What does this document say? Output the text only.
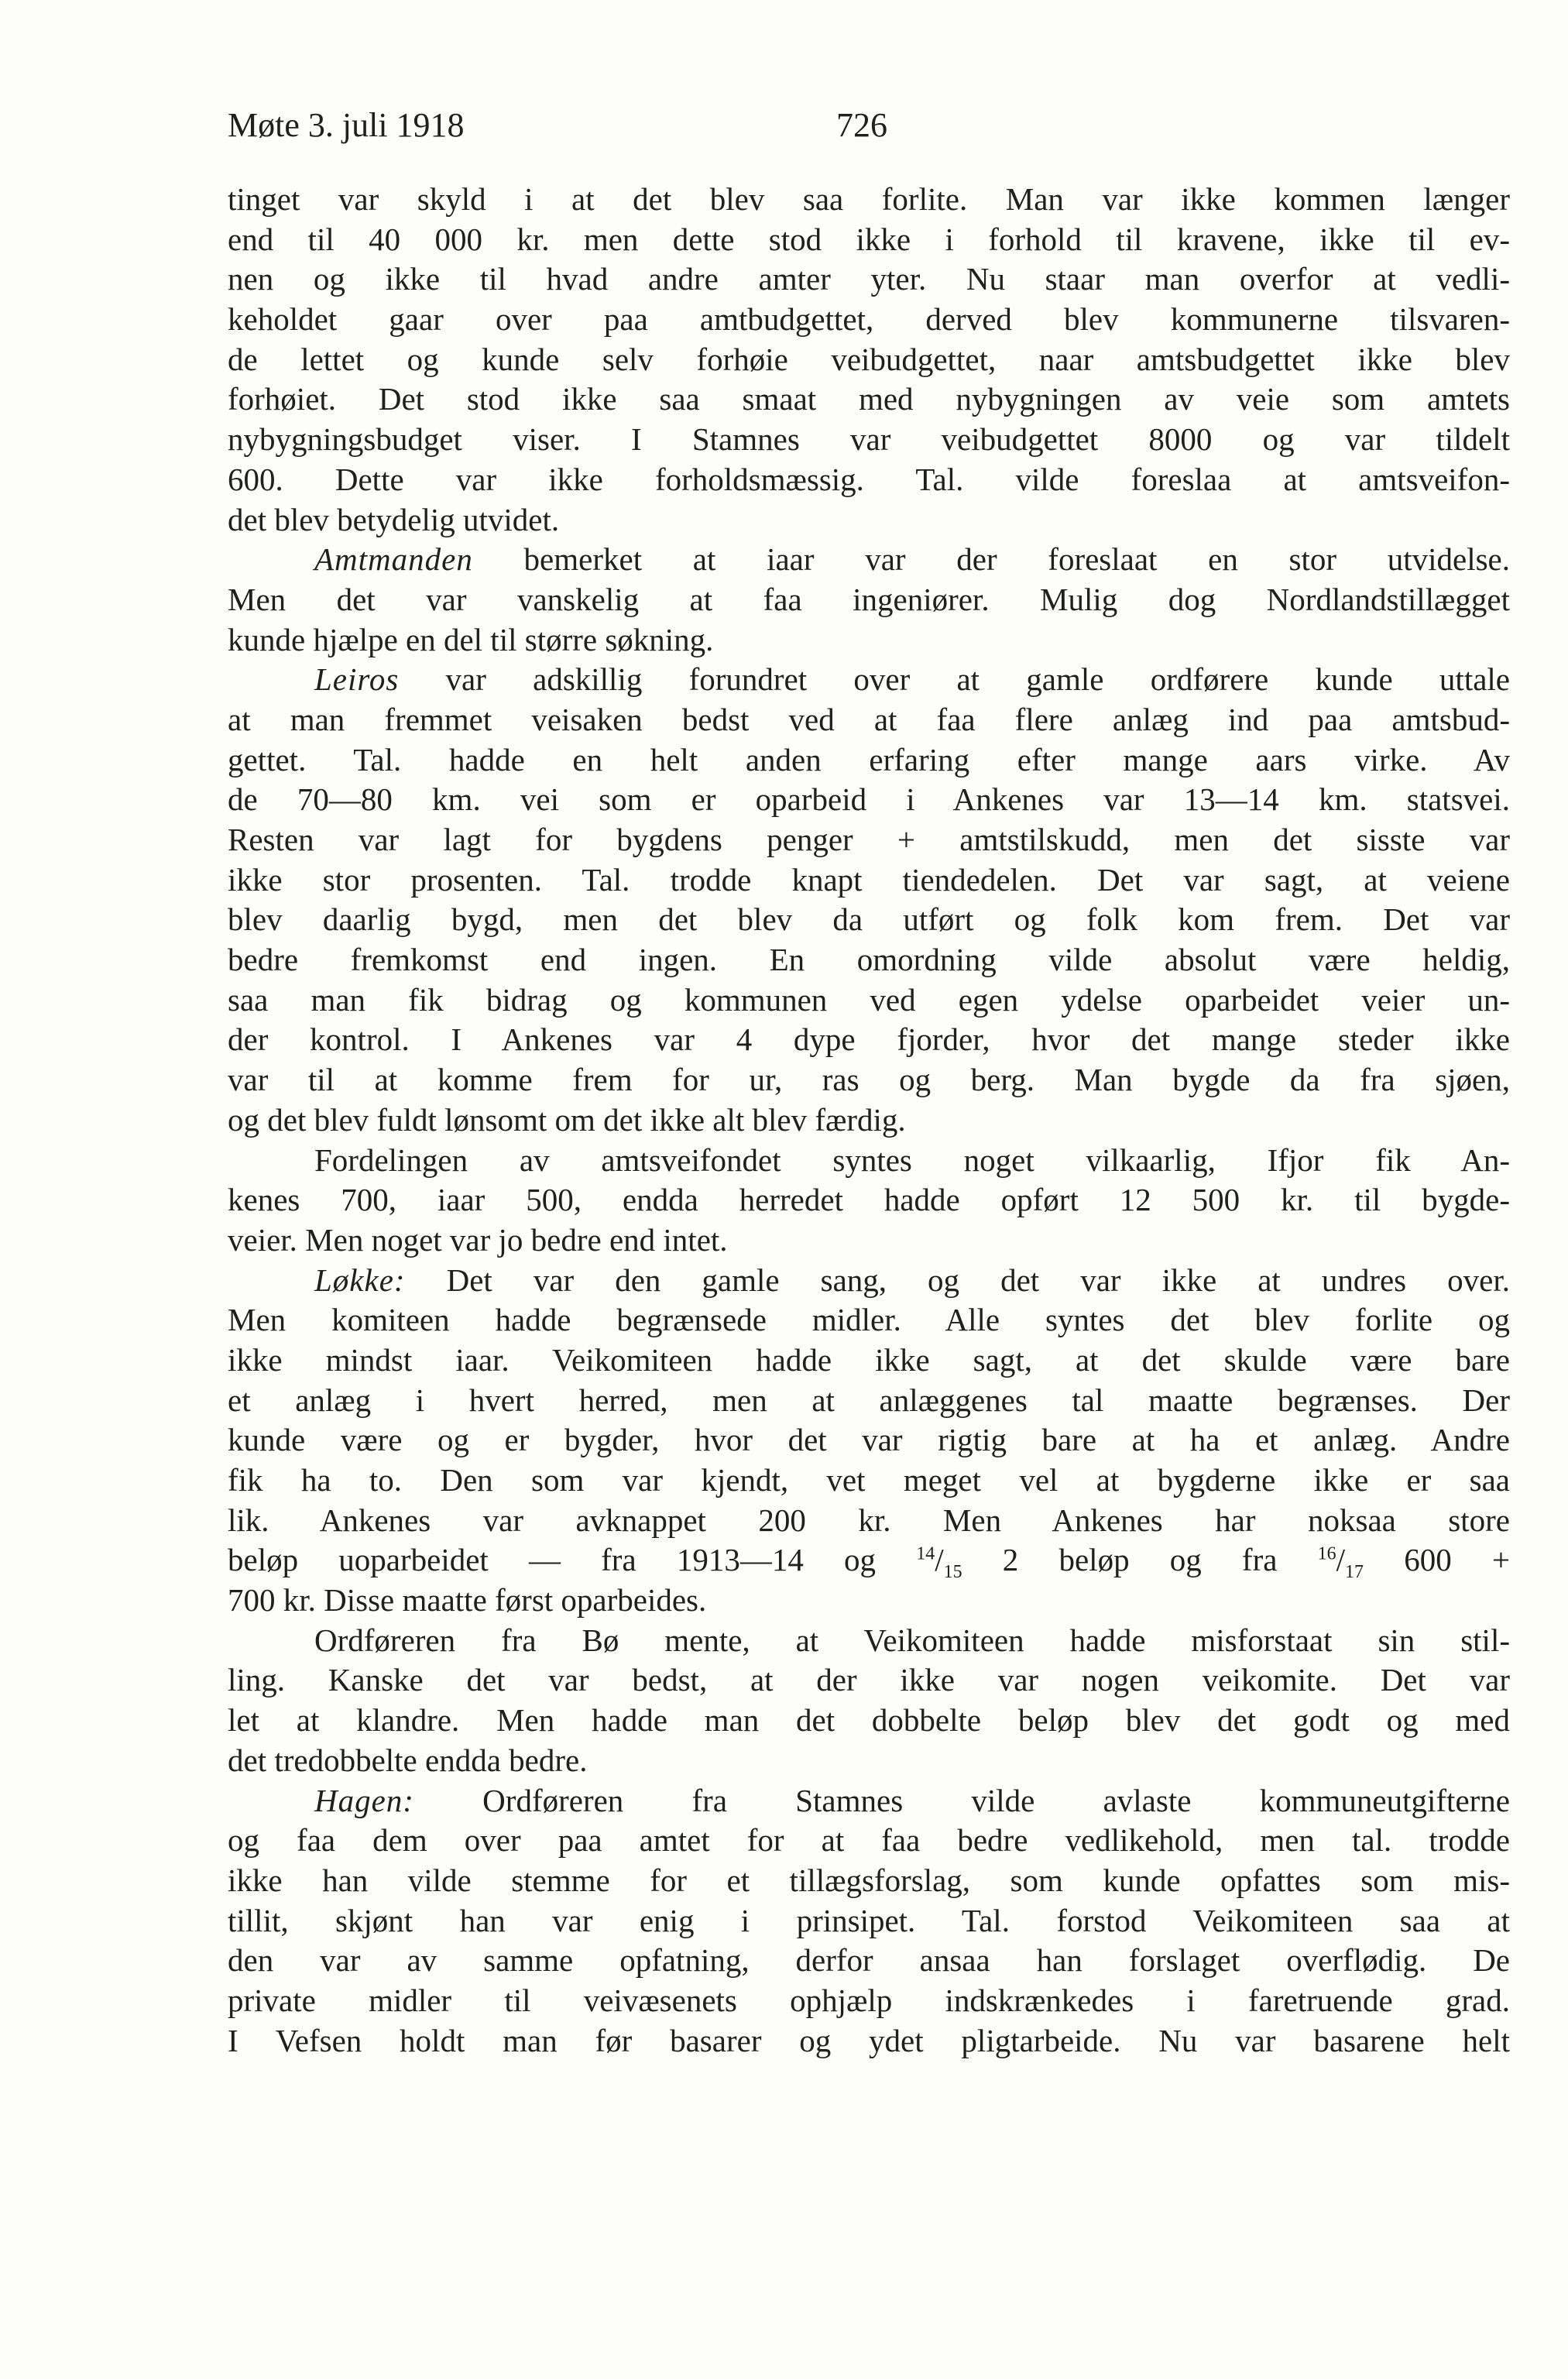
Møte 3. juli 1918	726
tinget var skyld i at det blev saa forlite. Man var ikke kommen længer
end til 40 000 kr. men dette stod ikke i forhold til kravene, ikke til ev-
nen og ikke til hvad andre amter yter. Nu staar man overfor at vedli-
keholdet gaar over paa amtbudgettet, derved blev kommunerne tilsvaren-
de lettet og kunde selv forhøie veibudgettet, naar amtsbudgettet ikke blev
forhøiet. Det stod ikke saa smaat med nybygningen av veie som amtets
nybygningsbudget viser. I Stamnes var veibudgettet 8000 og var tildelt
600. Dette var ikke forholdsmæssig. Tal. vilde foreslaa at amtsveifon-
det blev betydelig utvidet.
Amtmanden bemerket at iaar var der foreslaat en stor utvidelse.
Men det var vanskelig at faa ingeniører. Mulig dog Nordlandstillægget
kunde hjælpe en del til større søkning.
Leiros var adskillig forundret over at gamle ordførere kunde uttale
at man fremmet veisaken bedst ved at faa flere anlæg ind paa amtsbud-
gettet. Tal. hadde en helt anden erfaring efter mange aars virke. Av
de 70—80 km. vei som er oparbeid i Ankenes var 13—14 km. statsvei.
Resten var lagt for bygdens penger + amtstilskudd, men det sisste var
ikke stor prosenten. Tal. trodde knapt tiendedelen. Det var sagt, at veiene
blev daarlig bygd, men det blev da utført og folk kom frem. Det var
bedre fremkomst end ingen. En omordning vilde absolut være heldig,
saa man fik bidrag og kommunen ved egen ydelse oparbeidet veier un-
der kontrol. I Ankenes var 4 dype fjorder, hvor det mange steder ikke
var til at komme frem for ur, ras og berg. Man bygde da fra sjøen,
og det blev fuldt lønsomt om det ikke alt blev færdig.
Fordelingen av amtsveifondet syntes noget vilkaarlig, Ifjor fik An-
kenes 700, iaar 500, endda herredet hadde opført 12 500 kr. til bygde-
veier. Men noget var jo bedre end intet.
Løkke: Det var den gamle sang, og det var ikke at undres over.
Men komiteen hadde begrænsede midler. Alle syntes det blev forlite og
ikke mindst iaar. Veikomiteen hadde ikke sagt, at det skulde være bare
et anlæg i hvert herred, men at anlæggenes tal maatte begrænses. Der
kunde være og er bygder, hvor det var rigtig bare at ha et anlæg. Andre
fik ha to. Den som var kjendt, vet meget vel at bygderne ikke er saa
lik. Ankenes var avknappet 200 kr. Men Ankenes har noksaa store
beløp uoparbeidet — fra 1913—14 og $^{14}/_{15}$ 2 beløp og fra $^{16}/_{17}$ 600 +
700 kr. Disse maatte først oparbeides.
Ordføreren fra Bø mente, at Veikomiteen hadde misforstaat sin stil-
ling. Kanske det var bedst, at der ikke var nogen veikomite. Det var
let at klandre. Men hadde man det dobbelte beløp blev det godt og med
det tredobbelte endda bedre.
Hagen: Ordføreren fra Stamnes vilde avlaste kommuneutgifterne
og faa dem over paa amtet for at faa bedre vedlikehold, men tal. trodde
ikke han vilde stemme for et tillægsforslag, som kunde opfattes som mis-
tillit, skjønt han var enig i prinsipet. Tal. forstod Veikomiteen saa at
den var av samme opfatning, derfor ansaa han forslaget overflødig. De
private midler til veivæsenets ophjælp indskrænkedes i faretruende grad.
I Vefsen holdt man før basarer og ydet pligtarbeide. Nu var basarene helt
